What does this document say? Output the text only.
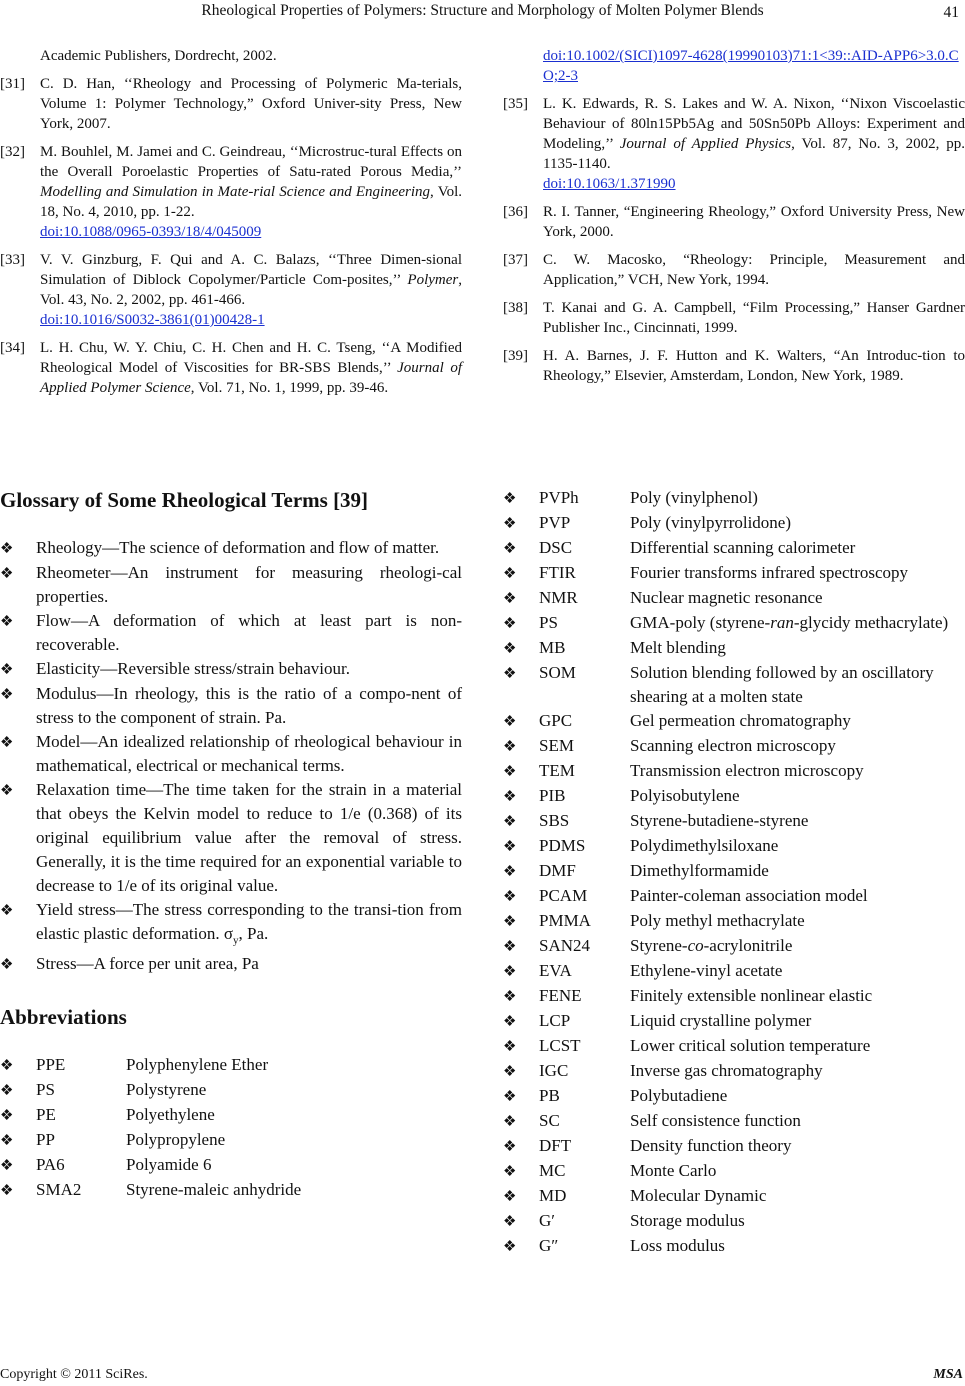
Rheological Properties of Polymers: Structure and Morphology of Molten Polymer Blends	41
Academic Publishers, Dordrecht, 2002.
[31]	C. D. Han, ‘‘Rheology and Processing of Polymeric Ma-terials, Volume 1: Polymer Technology,” Oxford Univer-sity Press, New York, 2007.
[32]	M. Bouhlel, M. Jamei and C. Geindreau, ‘‘Microstruc-tural Effects on the Overall Poroelastic Properties of Satu-rated Porous Media,’’ Modelling and Simulation in Mate-rial Science and Engineering, Vol. 18, No. 4, 2010, pp. 1-22.
doi:10.1088/0965-0393/18/4/045009
[33]	V. V. Ginzburg, F. Qui and A. C. Balazs, ‘‘Three Dimen-sional Simulation of Diblock Copolymer/Particle Com-posites,’’ Polymer, Vol. 43, No. 2, 2002, pp. 461-466.
doi:10.1016/S0032-3861(01)00428-1
[34]	L. H. Chu, W. Y. Chiu, C. H. Chen and H. C. Tseng, ‘‘A Modified Rheological Model of Viscosities for BR-SBS Blends,’’ Journal of Applied Polymer Science, Vol. 71, No. 1, 1999, pp. 39-46.
Glossary of Some Rheological Terms [39]
❖	Rheology—The science of deformation and flow of matter.
❖	Rheometer—An instrument for measuring rheologi-cal properties.
❖	Flow—A deformation of which at least part is non-recoverable.
❖	Elasticity—Reversible stress/strain behaviour.
❖	Modulus—In rheology, this is the ratio of a compo-nent of stress to the component of strain. Pa.
❖	Model—An idealized relationship of rheological behaviour in mathematical, electrical or mechanical terms.
❖	Relaxation time—The time taken for the strain in a material that obeys the Kelvin model to reduce to 1/e (0.368) of its original equilibrium value after the removal of stress. Generally, it is the time required for an exponential variable to decrease to 1/e of its original value.
❖	Yield stress—The stress corresponding to the transi-tion from elastic plastic deformation. $\sigma_y$, Pa.
❖	Stress—A force per unit area, Pa
Abbreviations
❖	PPE	Polyphenylene Ether
❖	PS	Polystyrene
❖	PE	Polyethylene
❖	PP	Polypropylene
❖	PA6	Polyamide 6
❖	SMA2	Styrene-maleic anhydride
doi:10.1002/(SICI)1097-4628(19990103)71:1<39::AID-APP6>3.0.CO;2-3
[35]	L. K. Edwards, R. S. Lakes and W. A. Nixon, ‘‘Nixon Viscoelastic Behaviour of 80ln15Pb5Ag and 50Sn50Pb Alloys: Experiment and Modeling,’’ Journal of Applied Physics, Vol. 87, No. 3, 2002, pp. 1135-1140.
doi:10.1063/1.371990
[36]	R. I. Tanner, “Engineering Rheology,” Oxford University Press, New York, 2000.
[37]	C. W. Macosko, “Rheology: Principle, Measurement and Application,” VCH, New York, 1994.
[38]	T. Kanai and G. A. Campbell, “Film Processing,” Hanser Gardner Publisher Inc., Cincinnati, 1999.
[39]	H. A. Barnes, J. F. Hutton and K. Walters, “An Introduc-tion to Rheology,” Elsevier, Amsterdam, London, New York, 1989.
❖	PVPh	Poly (vinylphenol)
❖	PVP	Poly (vinylpyrrolidone)
❖	DSC	Differential scanning calorimeter
❖	FTIR	Fourier transforms infrared spectroscopy
❖	NMR	Nuclear magnetic resonance
❖	PS	GMA-poly (styrene-ran-glycidy methacrylate)
❖	MB	Melt blending
❖	SOM	Solution blending followed by an oscillatory shearing at a molten state
❖	GPC	Gel permeation chromatography
❖	SEM	Scanning electron microscopy
❖	TEM	Transmission electron microscopy
❖	PIB	Polyisobutylene
❖	SBS	Styrene-butadiene-styrene
❖	PDMS	Polydimethylsiloxane
❖	DMF	Dimethylformamide
❖	PCAM	Painter-coleman association model
❖	PMMA	Poly methyl methacrylate
❖	SAN24	Styrene-co-acrylonitrile
❖	EVA	Ethylene-vinyl acetate
❖	FENE	Finitely extensible nonlinear elastic
❖	LCP	Liquid crystalline polymer
❖	LCST	Lower critical solution temperature
❖	IGC	Inverse gas chromatography
❖	PB	Polybutadiene
❖	SC	Self consistence function
❖	DFT	Density function theory
❖	MC	Monte Carlo
❖	MD	Molecular Dynamic
❖	G′	Storage modulus
❖	G″	Loss modulus
Copyright © 2011 SciRes.	MSA
